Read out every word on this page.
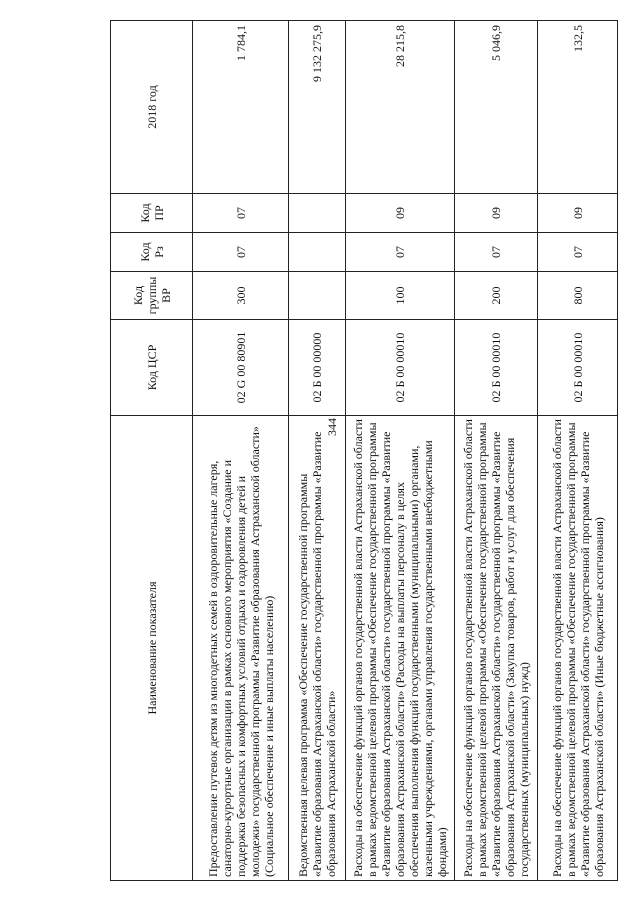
344
Наименование показателя	Код ЦСР	Код группы ВР	Код Рз	Код ПР	2018 год
Предоставление путевок детям из многодетных семей в оздоровительные лагеря, санаторно-курортные организации в рамках основного мероприятия «Создание и поддержка безопасных и комфортных условий отдыха и оздоровления детей и молодежи» государственной программы «Развитие образования Астраханской области» (Социальное обеспечение и иные выплаты населению)	02 G 00 80901	300	07	07	1 784,1
Ведомственная целевая программа «Обеспечение государственной программы «Развитие образования Астраханской области» государственной программы «Развитие образования Астраханской области»	02 Б 00 00000				9 132 275,9
Расходы на обеспечение функций органов государственной власти Астраханской области в рамках ведомственной целевой программы «Обеспечение государственной программы «Развитие образования Астраханской области» государственной программы «Развитие образования Астраханской области» (Расходы на выплаты персоналу в целях обеспечения выполнения функций государственными (муниципальными) органами, казенными учреждениями, органами управления государственными внебюджетными фондами)	02 Б 00 00010	100	07	09	28 215,8
Расходы на обеспечение функций органов государственной власти Астраханской области в рамках ведомственной целевой программы «Обеспечение государственной программы «Развитие образования Астраханской области» государственной программы «Развитие образования Астраханской области» (Закупка товаров, работ и услуг для обеспечения государственных (муниципальных) нужд)	02 Б 00 00010	200	07	09	5 046,9
Расходы на обеспечение функций органов государственной власти Астраханской области в рамках ведомственной целевой программы «Обеспечение государственной программы «Развитие образования Астраханской области» государственной программы «Развитие образования Астраханской области» (Иные бюджетные ассигнования)	02 Б 00 00010	800	07	09	132,5
